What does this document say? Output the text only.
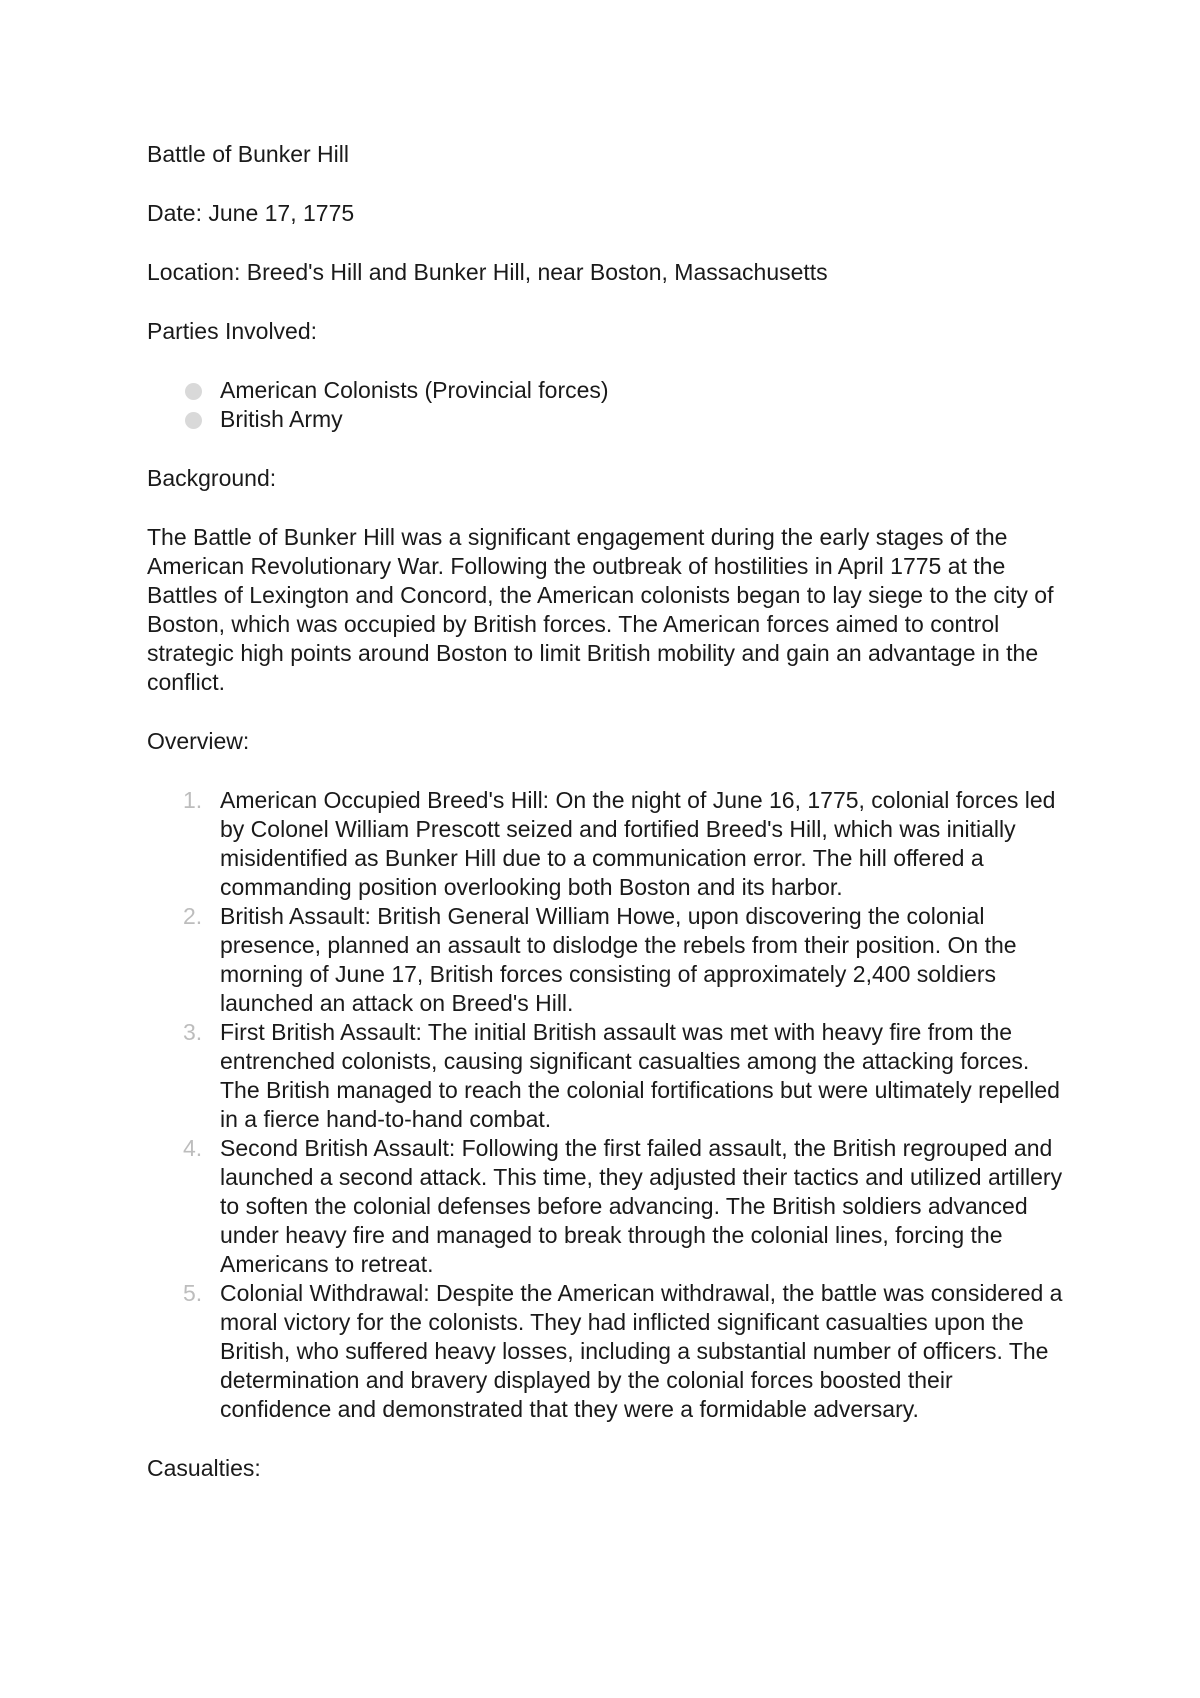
Battle of Bunker Hill

Date: June 17, 1775

Location: Breed's Hill and Bunker Hill, near Boston, Massachusetts

Parties Involved:

American Colonists (Provincial forces)
British Army

Background:

The Battle of Bunker Hill was a significant engagement during the early stages of the American Revolutionary War. Following the outbreak of hostilities in April 1775 at the Battles of Lexington and Concord, the American colonists began to lay siege to the city of Boston, which was occupied by British forces. The American forces aimed to control strategic high points around Boston to limit British mobility and gain an advantage in the conflict.

Overview:

1. American Occupied Breed's Hill: On the night of June 16, 1775, colonial forces led by Colonel William Prescott seized and fortified Breed's Hill, which was initially misidentified as Bunker Hill due to a communication error. The hill offered a commanding position overlooking both Boston and its harbor.
2. British Assault: British General William Howe, upon discovering the colonial presence, planned an assault to dislodge the rebels from their position. On the morning of June 17, British forces consisting of approximately 2,400 soldiers launched an attack on Breed's Hill.
3. First British Assault: The initial British assault was met with heavy fire from the entrenched colonists, causing significant casualties among the attacking forces. The British managed to reach the colonial fortifications but were ultimately repelled in a fierce hand-to-hand combat.
4. Second British Assault: Following the first failed assault, the British regrouped and launched a second attack. This time, they adjusted their tactics and utilized artillery to soften the colonial defenses before advancing. The British soldiers advanced under heavy fire and managed to break through the colonial lines, forcing the Americans to retreat.
5. Colonial Withdrawal: Despite the American withdrawal, the battle was considered a moral victory for the colonists. They had inflicted significant casualties upon the British, who suffered heavy losses, including a substantial number of officers. The determination and bravery displayed by the colonial forces boosted their confidence and demonstrated that they were a formidable adversary.

Casualties:
